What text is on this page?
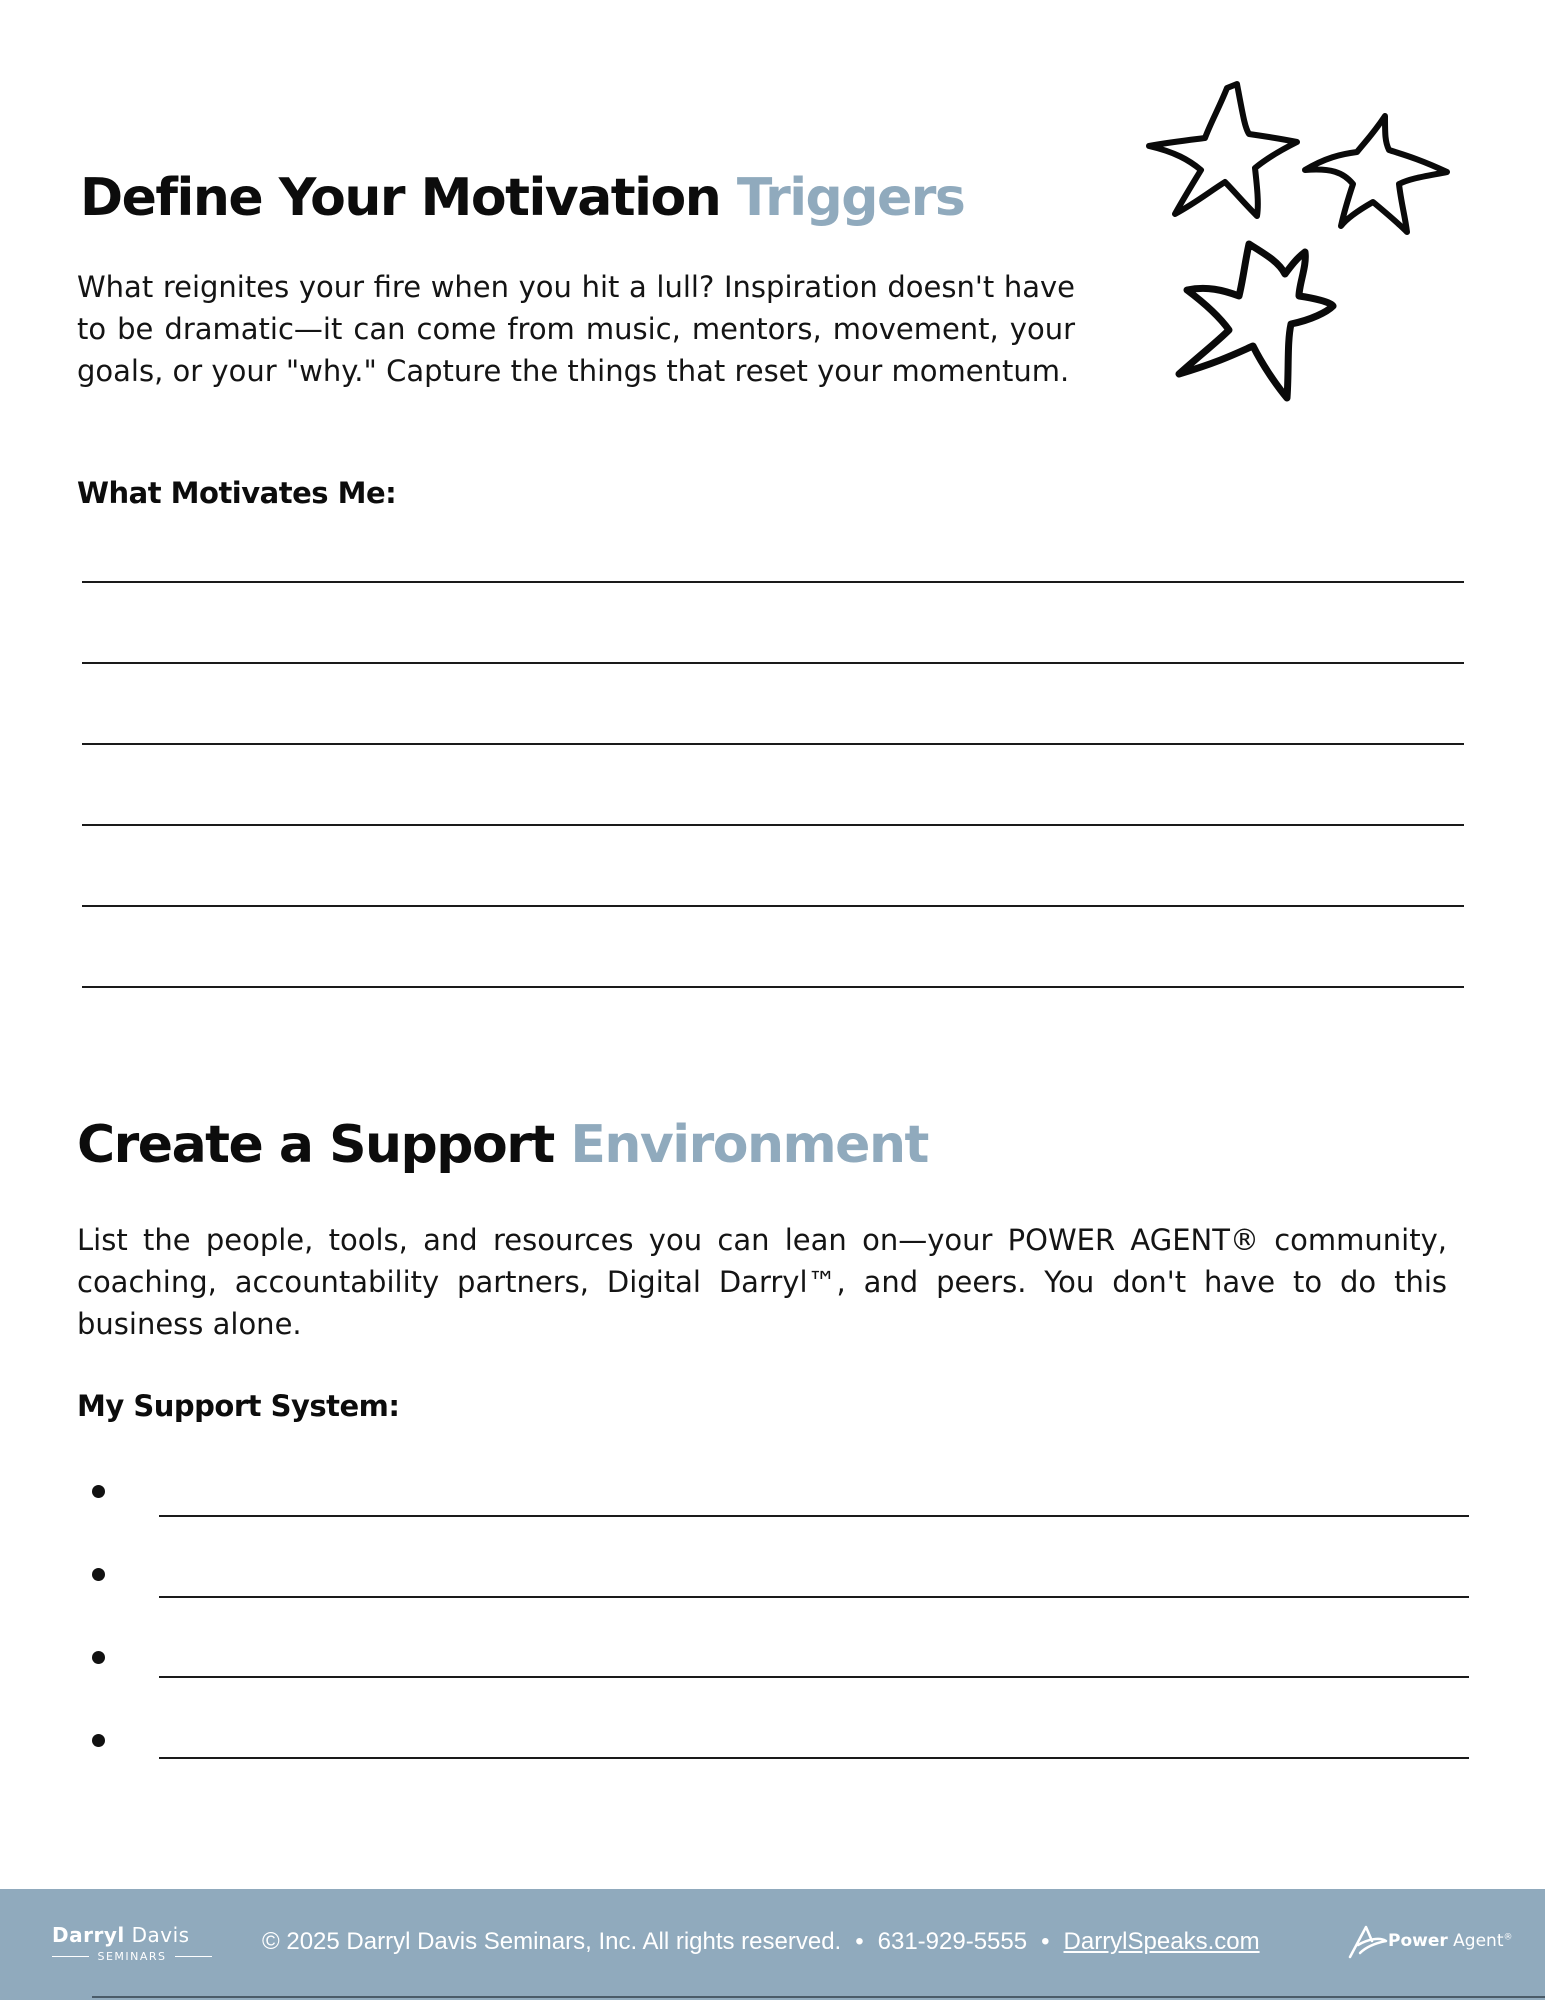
Define Your Motivation Triggers

What reignites your fire when you hit a lull? Inspiration doesn't have to be dramatic—it can come from music, mentors, movement, your goals, or your "why." Capture the things that reset your momentum.

What Motivates Me:
Create a Support Environment

List the people, tools, and resources you can lean on—your POWER AGENT® community, coaching, accountability partners, Digital Darryl™, and peers. You don't have to do this business alone.

My Support System:
Darryl Davis
SEMINARS
© 2025 Darryl Davis Seminars, Inc. All rights reserved. • 631-929-5555 • DarrylSpeaks.com	Power Agent®
